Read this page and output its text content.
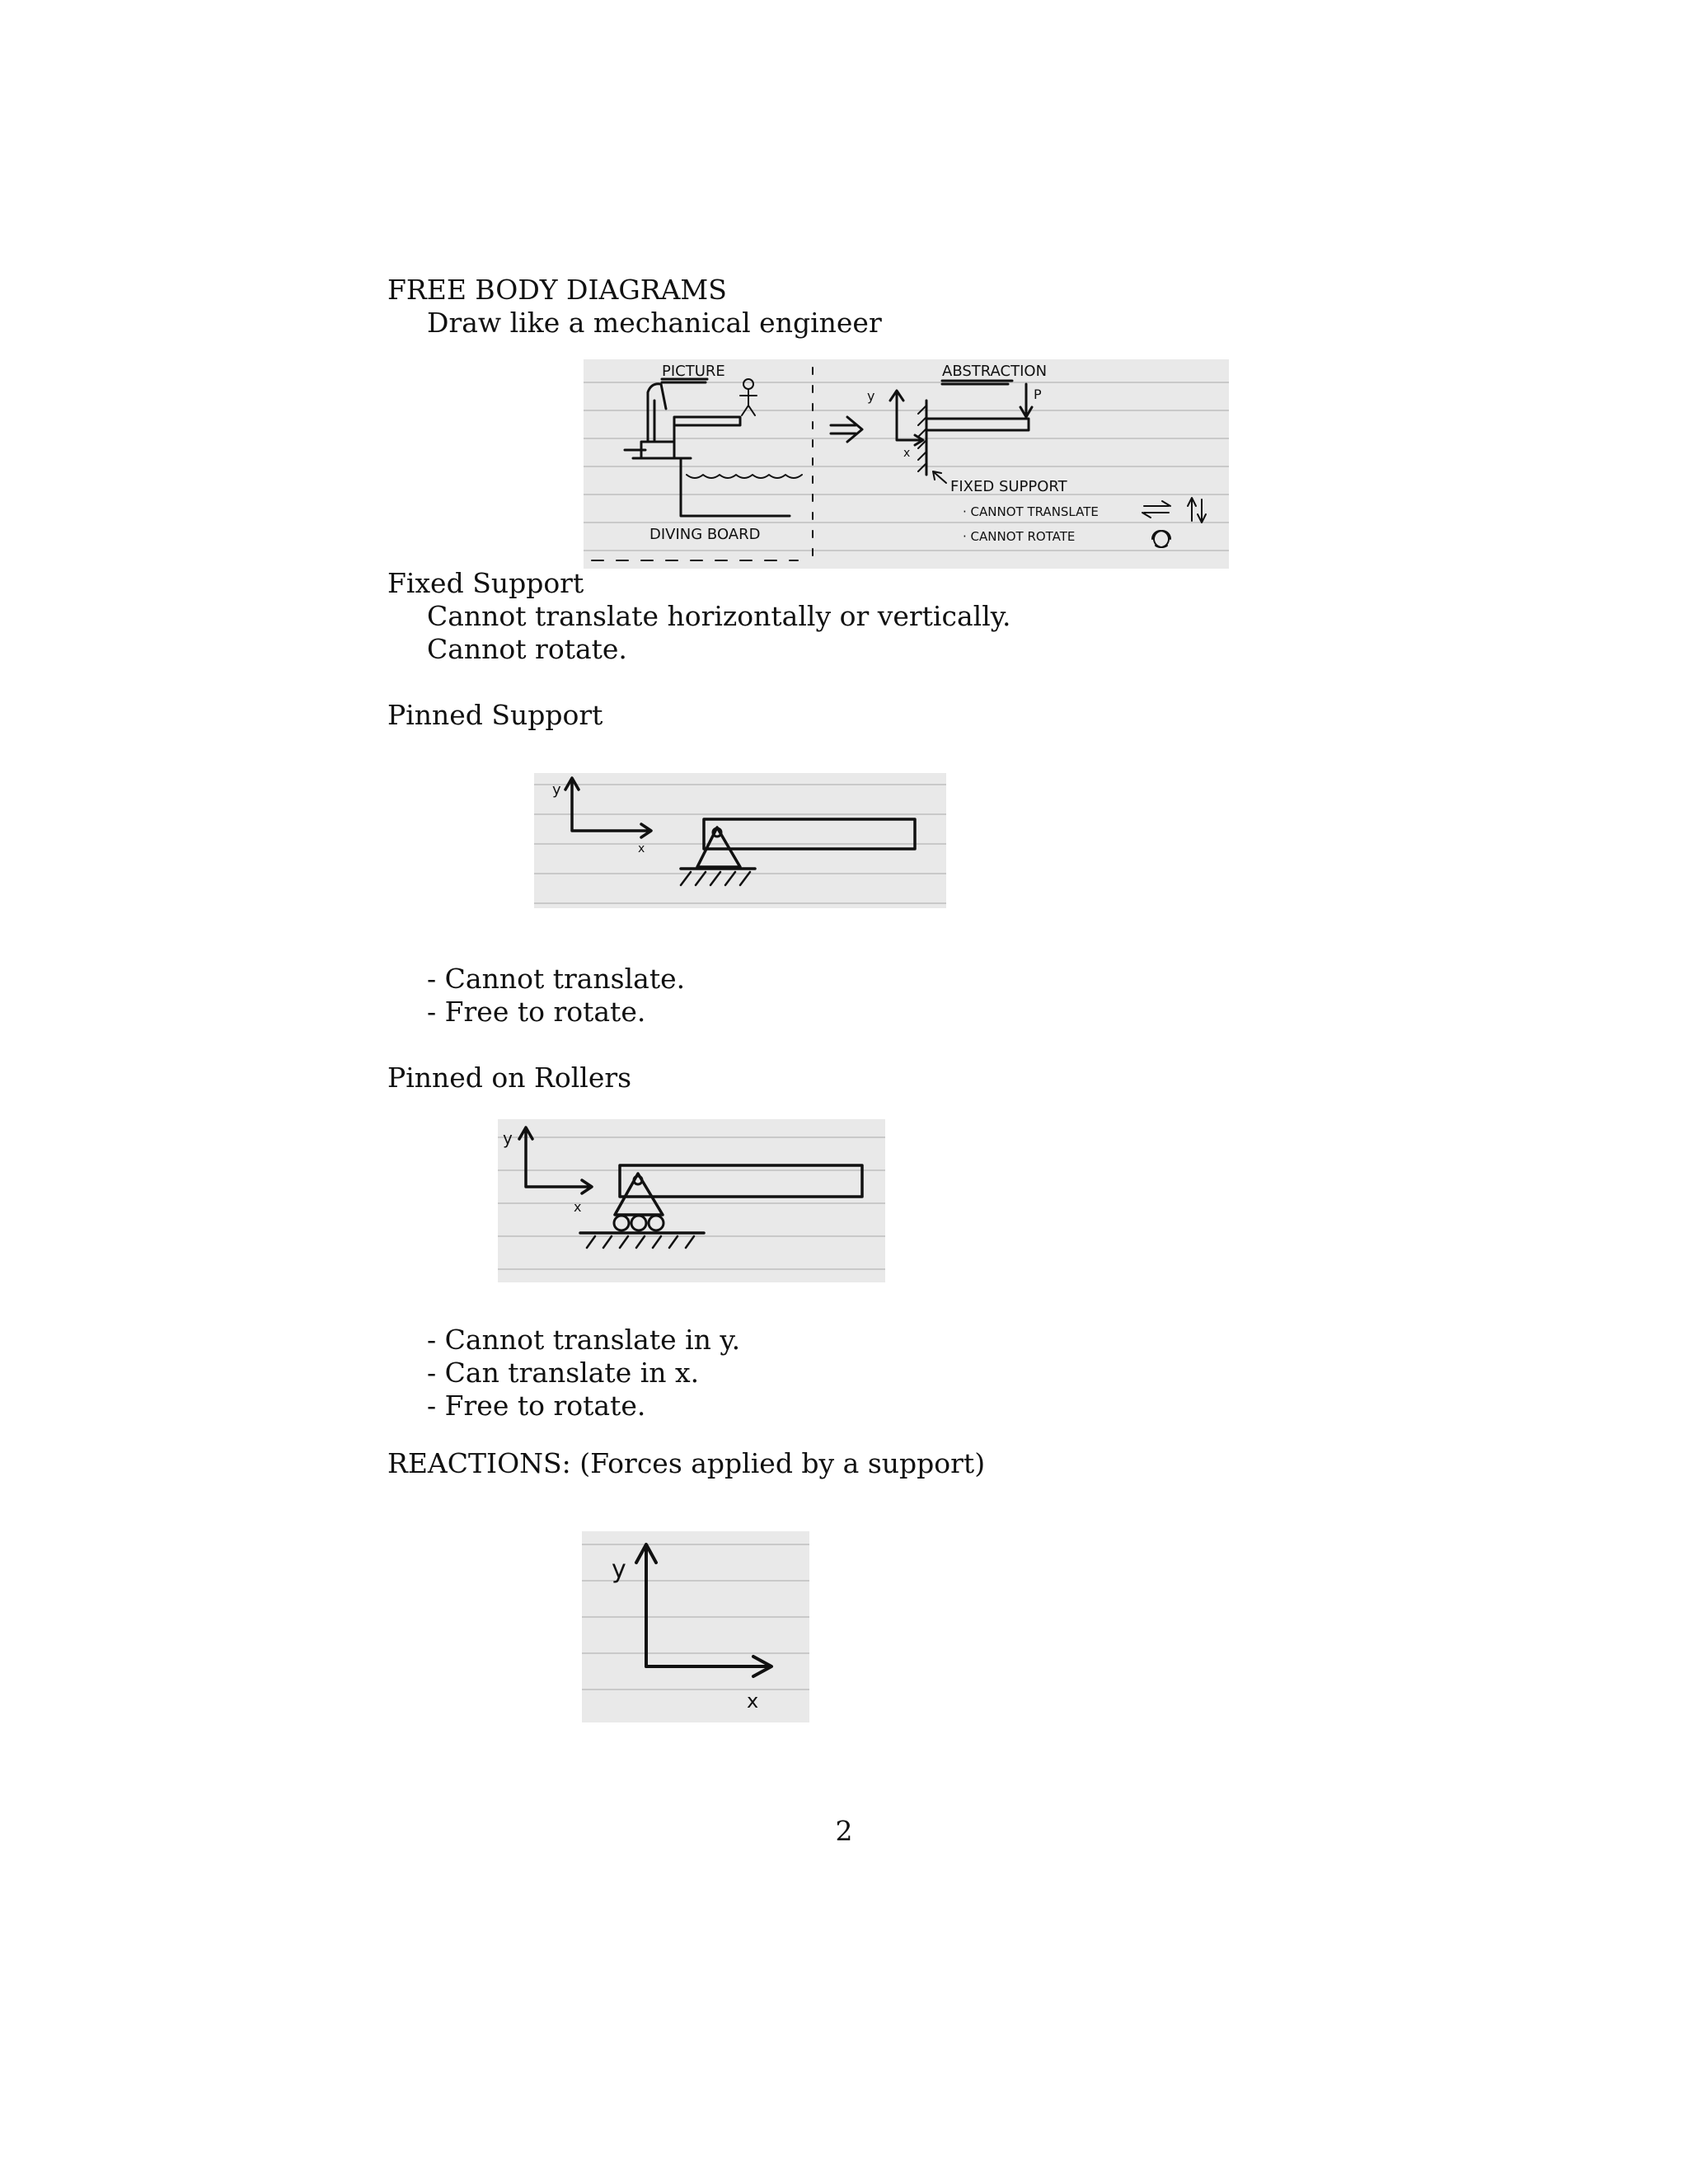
FREE BODY DIAGRAMS
Draw like a mechanical engineer
PICTURE
DIVING BOARD
ABSTRACTION
y
x
P
FIXED SUPPORT
· CANNOT TRANSLATE
· CANNOT ROTATE
Fixed Support
Cannot translate horizontally or vertically.
Cannot rotate.
Pinned Support
y
x
- Cannot translate.
- Free to rotate.
Pinned on Rollers
y
x
- Cannot translate in y.
- Can translate in x.
- Free to rotate.
REACTIONS: (Forces applied by a support)
y
x
2
